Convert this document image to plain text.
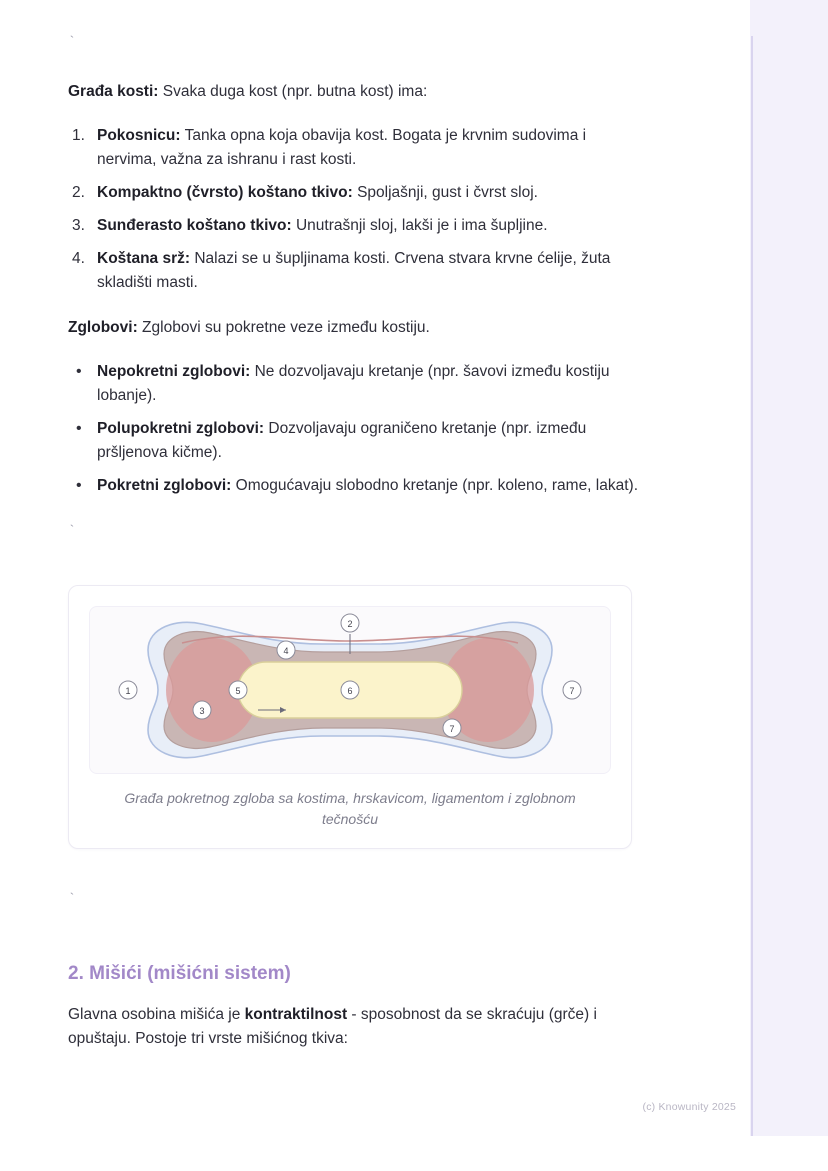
`

Građa kosti: Svaka duga kost (npr. butna kost) ima:

1. Pokosnicu: Tanka opna koja obavija kost. Bogata je krvnim sudovima i nervima, važna za ishranu i rast kosti.
2. Kompaktno (čvrsto) koštano tkivo: Spoljašnji, gust i čvrst sloj.
3. Sunđerasto koštano tkivo: Unutrašnji sloj, lakši je i ima šupljine.
4. Koštana srž: Nalazi se u šupljinama kosti. Crvena stvara krvne ćelije, žuta skladišti masti.

Zglobovi: Zglobovi su pokretne veze između kostiju.

• Nepokretni zglobovi: Ne dozvoljavaju kretanje (npr. šavovi između kostiju lobanje).
• Polupokretni zglobovi: Dozvoljavaju ograničeno kretanje (npr. između pršljenova kičme).
• Pokretni zglobovi: Omogućavaju slobodno kretanje (npr. koleno, rame, lakat).

`

1
2
3
4
5	6	7
7
Građa pokretnog zgloba sa kostima, hrskavicom, ligamentom i zglobnom tečnošću

`

2. Mišići (mišićni sistem)

Glavna osobina mišića je kontraktilnost - sposobnost da se skraćuju (grče) i opuštaju. Postoje tri vrste mišićnog tkiva:

(c) Knowunity 2025
